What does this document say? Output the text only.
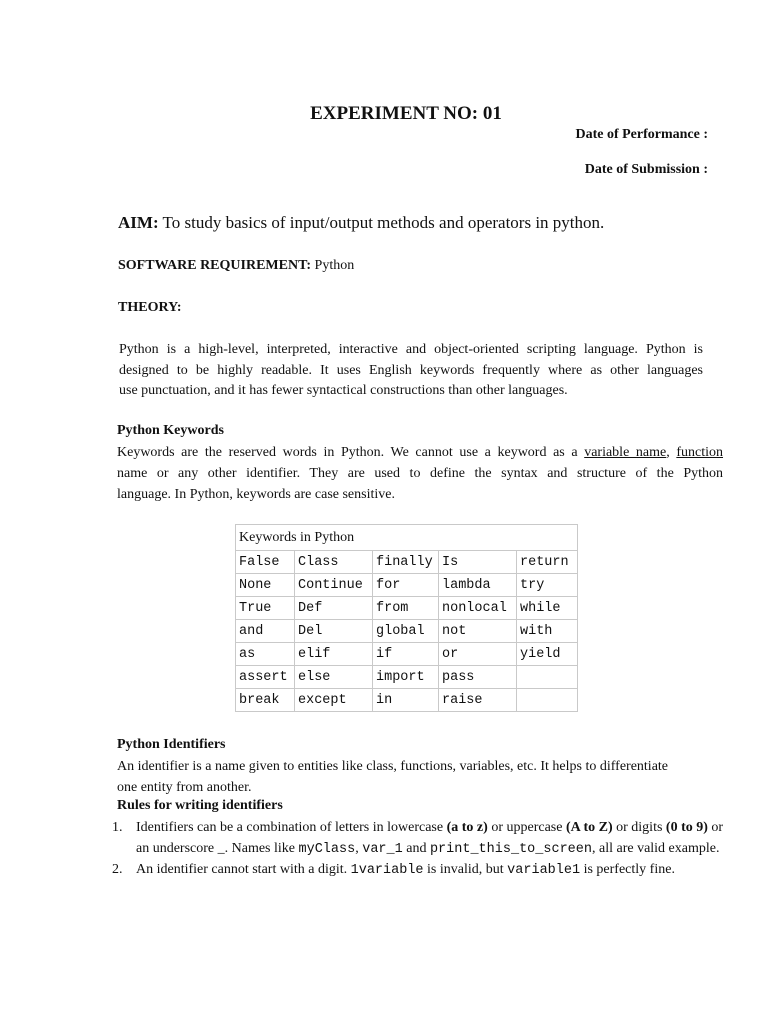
EXPERIMENT NO: 01
Date of Performance :
Date of Submission :
AIM: To study basics of input/output methods and operators in python.
SOFTWARE REQUIREMENT: Python
THEORY:
Python is a high-level, interpreted, interactive and object-oriented scripting language. Python is
designed to be highly readable. It uses English keywords frequently where as other languages
use punctuation, and it has fewer syntactical constructions than other languages.
Python Keywords
Keywords are the reserved words in Python. We cannot use a keyword as a variable name, function
name or any other identifier. They are used to define the syntax and structure of the Python
language. In Python, keywords are case sensitive.
Keywords in Python				
False	Class	finally	Is	return
None	Continue	for	lambda	try
True	Def	from	nonlocal	while
and	Del	global	not	with
as	elif	if	or	yield
assert	else	import	pass	
break	except	in	raise	
Python Identifiers
An identifier is a name given to entities like class, functions, variables, etc. It helps to differentiate
one entity from another.
Rules for writing identifiers
1. Identifiers can be a combination of letters in lowercase (a to z) or uppercase (A to Z) or digits (0 to 9) or an underscore _. Names like myClass, var_1 and print_this_to_screen, all are valid example.
2. An identifier cannot start with a digit. 1variable is invalid, but variable1 is perfectly fine.
